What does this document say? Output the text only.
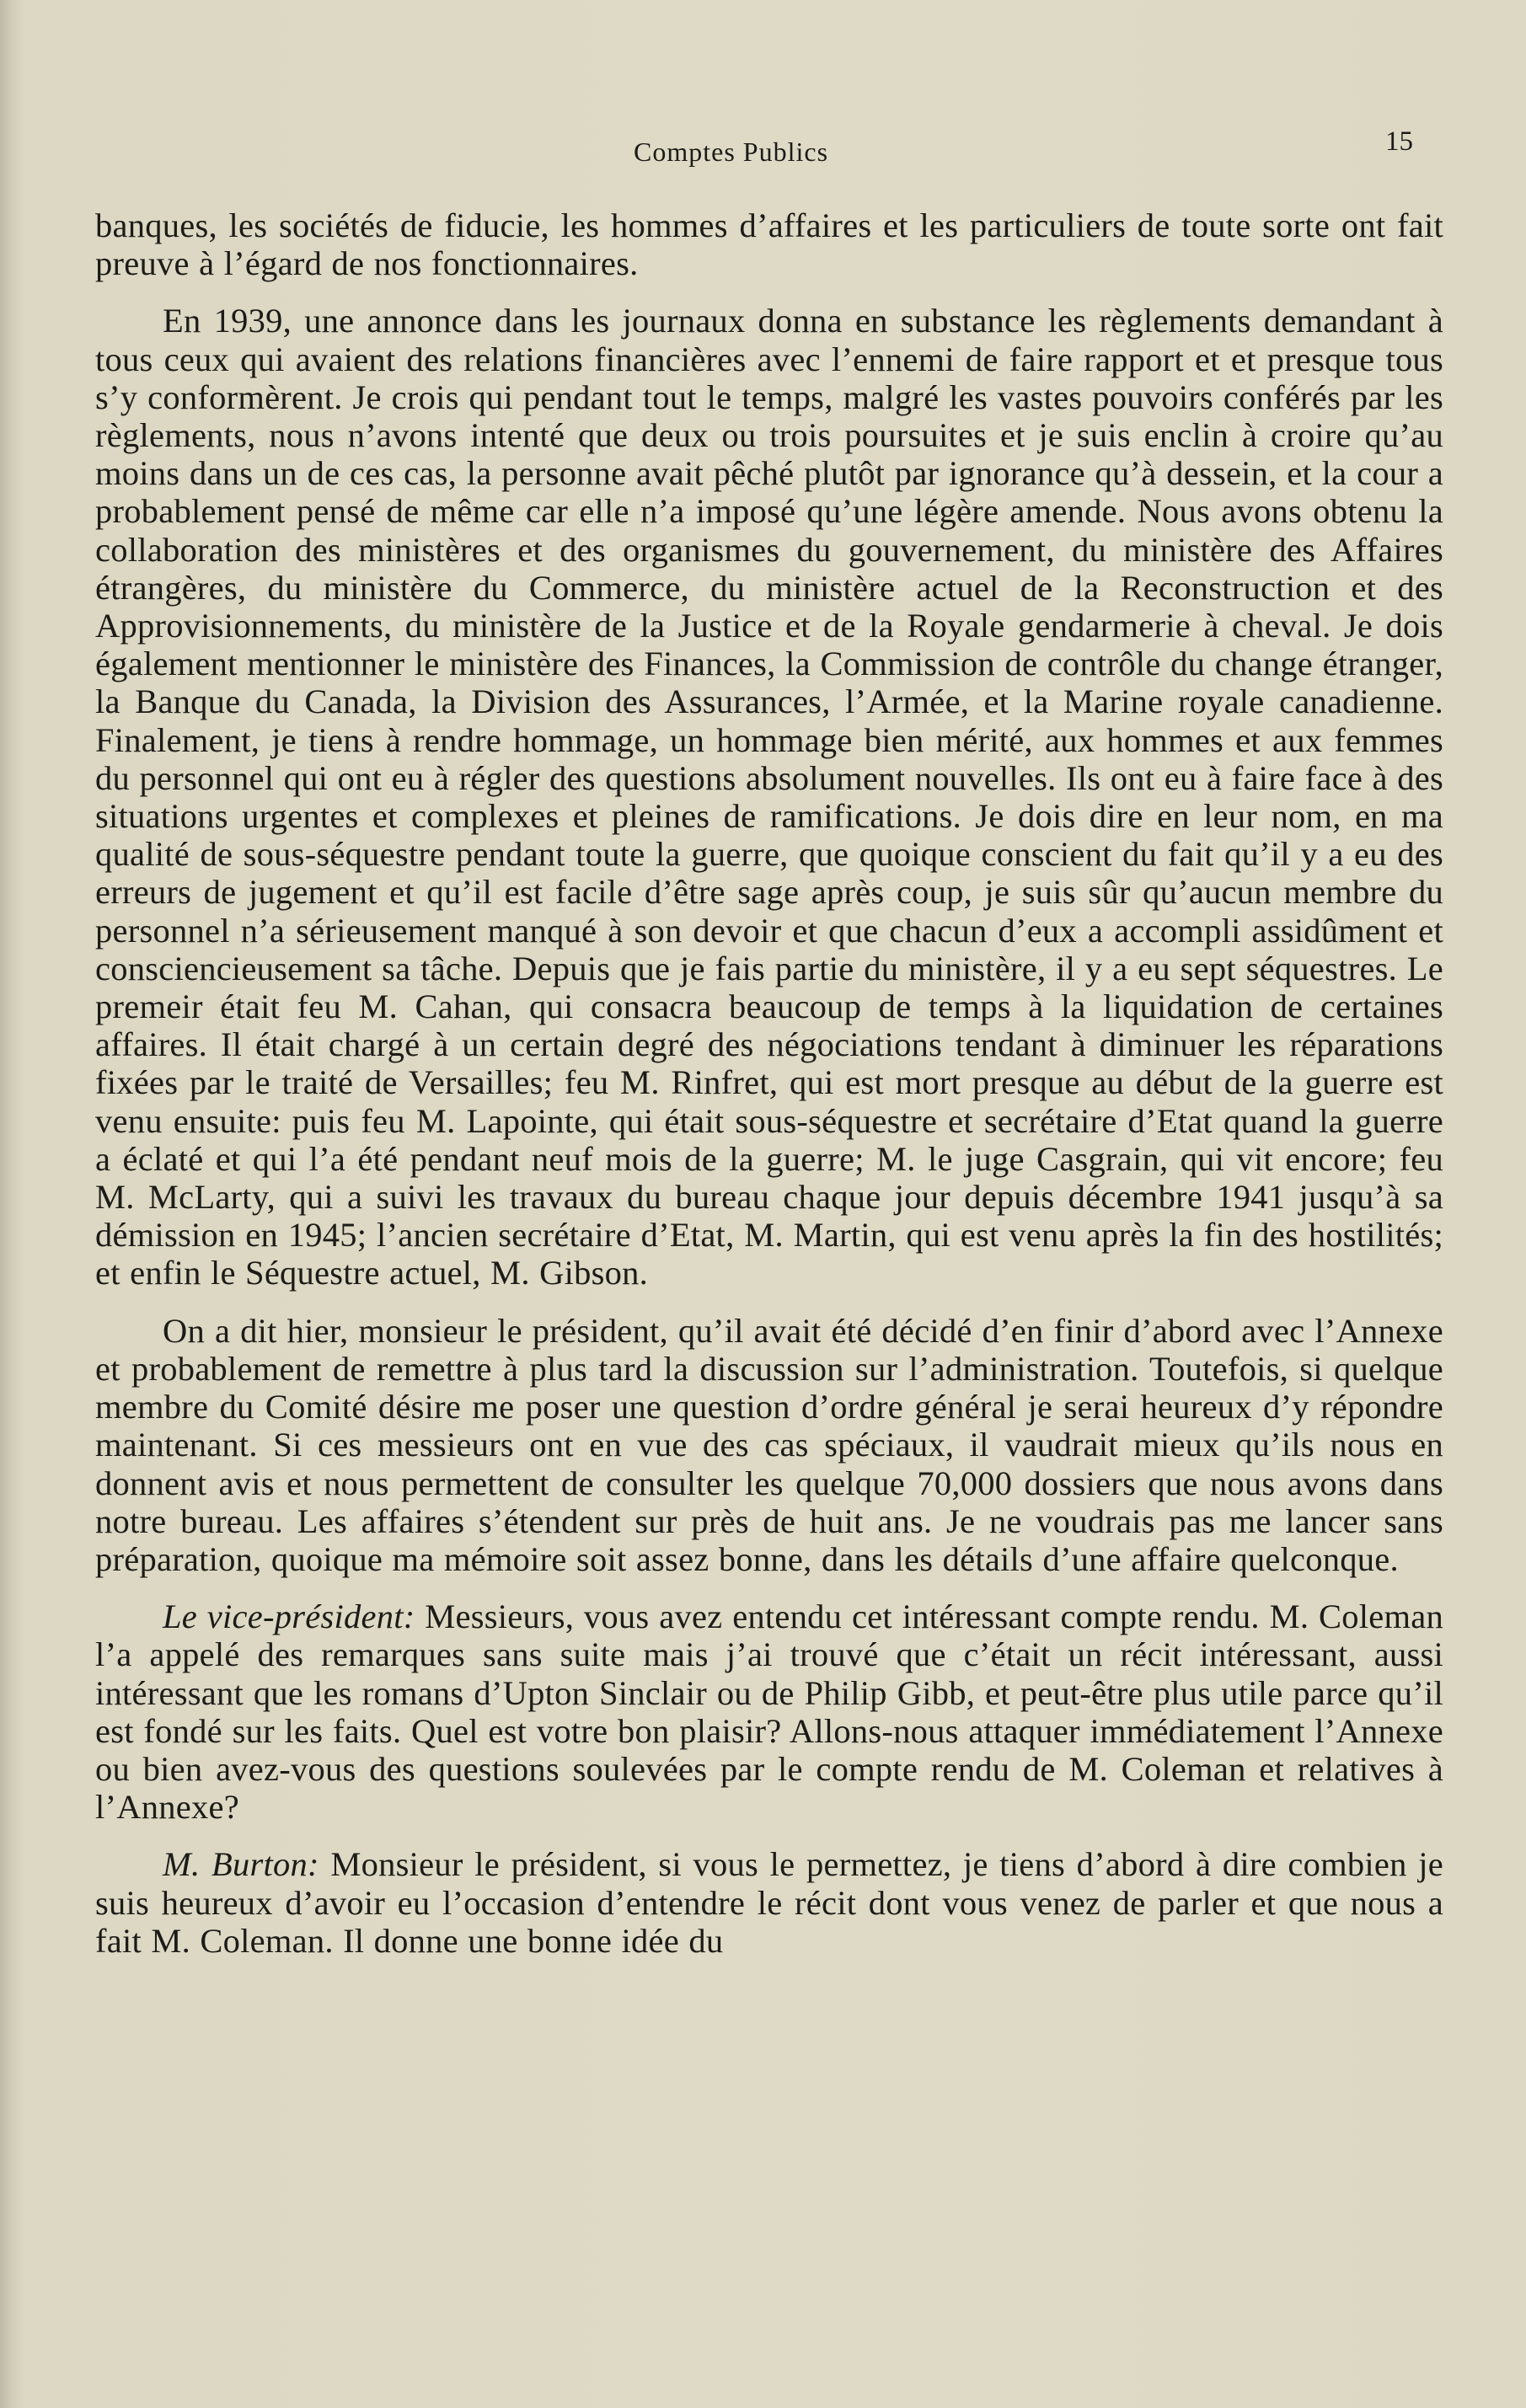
Comptes Publics	15

banques, les sociétés de fiducie, les hommes d’affaires et les particuliers de toute sorte ont fait preuve à l’égard de nos fonctionnaires.

En 1939, une annonce dans les journaux donna en substance les règlements demandant à tous ceux qui avaient des relations financières avec l’ennemi de faire rapport et et presque tous s’y conformèrent. Je crois qui pendant tout le temps, malgré les vastes pouvoirs conférés par les règlements, nous n’avons intenté que deux ou trois poursuites et je suis enclin à croire qu’au moins dans un de ces cas, la personne avait pêché plutôt par ignorance qu’à dessein, et la cour a probablement pensé de même car elle n’a imposé qu’une légère amende. Nous avons obtenu la collaboration des ministères et des organismes du gouvernement, du ministère des Affaires étrangères, du ministère du Commerce, du ministère actuel de la Reconstruction et des Approvisionnements, du ministère de la Justice et de la Royale gendarmerie à cheval. Je dois également mentionner le ministère des Finances, la Commission de contrôle du change étranger, la Banque du Canada, la Division des Assurances, l’Armée, et la Marine royale canadienne. Finalement, je tiens à rendre hommage, un hommage bien mérité, aux hommes et aux femmes du personnel qui ont eu à régler des questions absolument nouvelles. Ils ont eu à faire face à des situations urgentes et complexes et pleines de ramifications. Je dois dire en leur nom, en ma qualité de sous-séquestre pendant toute la guerre, que quoique conscient du fait qu’il y a eu des erreurs de jugement et qu’il est facile d’être sage après coup, je suis sûr qu’aucun membre du personnel n’a sérieusement manqué à son devoir et que chacun d’eux a accompli assidûment et consciencieusement sa tâche. Depuis que je fais partie du ministère, il y a eu sept séquestres. Le premeir était feu M. Cahan, qui consacra beaucoup de temps à la liquidation de certaines affaires. Il était chargé à un certain degré des négociations tendant à diminuer les réparations fixées par le traité de Versailles; feu M. Rinfret, qui est mort presque au début de la guerre est venu ensuite: puis feu M. Lapointe, qui était sous-séquestre et secrétaire d’Etat quand la guerre a éclaté et qui l’a été pendant neuf mois de la guerre; M. le juge Casgrain, qui vit encore; feu M. McLarty, qui a suivi les travaux du bureau chaque jour depuis décembre 1941 jusqu’à sa démission en 1945; l’ancien secrétaire d’Etat, M. Martin, qui est venu après la fin des hostilités; et enfin le Séquestre actuel, M. Gibson.

On a dit hier, monsieur le président, qu’il avait été décidé d’en finir d’abord avec l’Annexe et probablement de remettre à plus tard la discussion sur l’administration. Toutefois, si quelque membre du Comité désire me poser une question d’ordre général je serai heureux d’y répondre maintenant. Si ces messieurs ont en vue des cas spéciaux, il vaudrait mieux qu’ils nous en donnent avis et nous permettent de consulter les quelque 70,000 dossiers que nous avons dans notre bureau. Les affaires s’étendent sur près de huit ans. Je ne voudrais pas me lancer sans préparation, quoique ma mémoire soit assez bonne, dans les détails d’une affaire quelconque.

Le vice-président: Messieurs, vous avez entendu cet intéressant compte rendu. M. Coleman l’a appelé des remarques sans suite mais j’ai trouvé que c’était un récit intéressant, aussi intéressant que les romans d’Upton Sinclair ou de Philip Gibb, et peut-être plus utile parce qu’il est fondé sur les faits. Quel est votre bon plaisir? Allons-nous attaquer immédiatement l’Annexe ou bien avez-vous des questions soulevées par le compte rendu de M. Coleman et relatives à l’Annexe?

M. Burton: Monsieur le président, si vous le permettez, je tiens d’abord à dire combien je suis heureux d’avoir eu l’occasion d’entendre le récit dont vous venez de parler et que nous a fait M. Coleman. Il donne une bonne idée du
